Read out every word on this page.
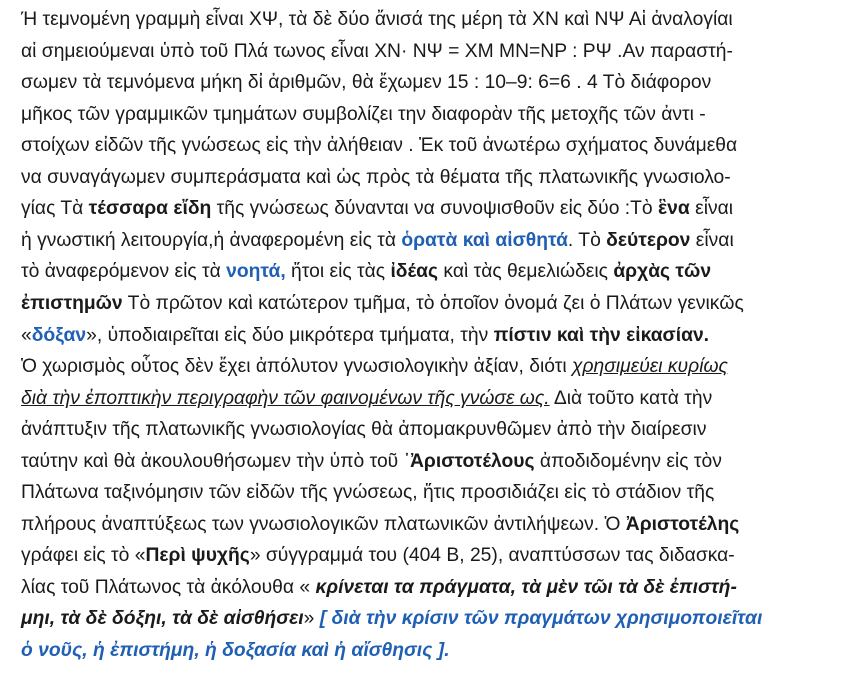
Ή τεμνομένη γραμμὴ εἶναι ΧΨ, τὰ δὲ δύο ἄνισά της μέρη τὰ ΧΝ καὶ ΝΨ Αἱ ἀναλογίαι
αἱ σημειούμεναι ὑπὸ τοῦ Πλά τωνος εἶναι ΧΝ· ΝΨ = ΧΜ ΜΝ=ΝΡ : ΡΨ .Αν παραστή-
σωμεν τὰ τεμνόμενα μήκη δἰ ἀριθμῶν, θὰ ἔχωμεν 15 : 10–9: 6=6 . 4 Τὸ διάφορον
μῆκος τῶν γραμμικῶν τμημάτων συμβολίζει την διαφορὰν τῆς μετοχῆς τῶν ἀντι -
στοίχων εἰδῶν τῆς γνώσεως εἰς τὴν ἀλήθειαν . Ἐκ τοῦ ἀνωτέρω σχήματος δυνάμεθα
να συναγάγωμεν συμπεράσματα καὶ ὡς πρὸς τὰ θέματα τῆς πλατωνικῆς γνωσιολο-
γίας Τὰ τέσσαρα εἴδη τῆς γνώσεως δύνανται να συνοψισθοῦν εἰς δύο :Τὸ ἓνα εἶναι
ἡ γνωστική λειτουργία,ἡ ἀναφερομένη εἰς τὰ ὁρατὰ καὶ αἰσθητά. Τὸ δεύτερον εἶναι
τὸ ἀναφερόμενον εἰς τὰ νοητά, ἤτοι εἰς τὰς ἰδέας καὶ τὰς θεμελιώδεις ἀρχὰς τῶν
ἐπιστημῶν Τὸ πρῶτον καὶ κατώτερον τμῆμα, τὸ ὁποῖον ὀνομά ζει ὁ Πλάτων γενικῶς
«δόξαν», ὑποδιαιρεῖται εἰς δύο μικρότερα τμήματα, τὴν πίστιν καὶ τὴν εἰκασίαν.
Ὁ χωρισμὸς οὗτος δὲν ἔχει ἀπόλυτον γνωσιολογικὴν ἀξίαν, διότι χρησιμεύει κυρίως
διὰ τὴν ἐποπτικὴν περιγραφὴν τῶν φαινομένων τῆς γνώσε ως. Διὰ τοῦτο κατὰ τὴν
ἀνάπτυξιν τῆς πλατωνικῆς γνωσιολογίας θὰ ἀπομακρυνθῶμεν ἀπὸ τὴν διαίρεσιν
ταύτην καὶ θὰ ἀκουλουθήσωμεν τὴν ὑπὸ τοῦ ᾽Ἀριστοτέλους ἀποδιδομένην εἰς τὸν
Πλάτωνα ταξινόμησιν τῶν εἰδῶν τῆς γνώσεως, ἥτις προσιδιάζει εἰς τὸ στάδιον τῆς
πλήρους ἀναπτύξεως των γνωσιολογικῶν πλατωνικῶν ἀντιλήψεων. Ὁ Ἀριστοτέλης
γράφει εἰς τὸ «Περὶ ψυχῆς» σύγγραμμά του (404 Β, 25), αναπτύσσων τας διδασκα-
λίας τοῦ Πλάτωνος τὰ ἀκόλουθα « κρίνεται τα πράγματα, τὰ μὲν τῶι τὰ δὲ ἐπιστή-
μηι, τὰ δὲ δόξηι, τὰ δὲ αἰσθήσει» [ διὰ τὴν κρίσιν τῶν πραγμάτων χρησιμοποιεῖται
ὁ νοῦς, ἡ ἐπιστήμη, ἡ δοξασία καὶ ἡ αἴσθησις ].
